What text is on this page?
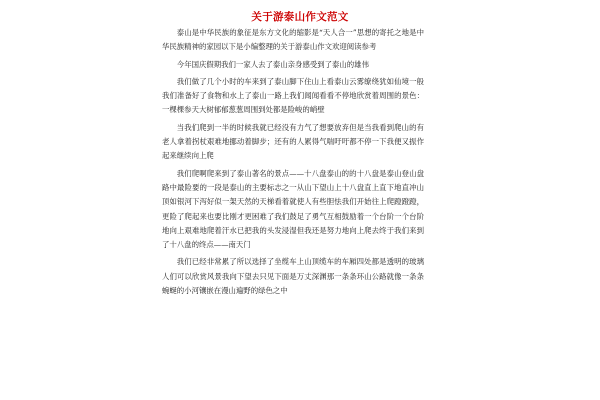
关于游泰山作文范文

泰山是中华民族的象征是东方文化的缩影是“天人合一”思想的寄托之地是中华民族精神的家园以下是小编整理的关于游泰山作文欢迎阅读参考

今年国庆假期我们一家人去了泰山亲身感受到了泰山的雄伟

我们做了几个小时的车来到了泰山脚下住山上看泰山云雾缭绕犹如仙境一般我们准备好了食物和水上了泰山一路上我们闻闻看看不停地欣赏着周围的景色：一棵棵参天大树郁郁葱葱周围到处都是险峻的峭壁

当我们爬到一半的时候我就已经没有力气了想要放弃但是当我看到爬山的有老人拿着拐杖艰难地挪动着脚步；还有的人累得气喘吁吁都不停一下我便又振作起来继续向上爬

我们爬啊爬来到了泰山著名的景点——十八盘泰山的的十八盘是泰山登山盘路中最险要的一段是泰山的主要标志之一从山下望山上十八盘直上直下地直冲山顶如银河下泻好似一架天然的天梯看着就使人有些胆怯我们开始往上爬蹬蹬蹬，更险了爬起来也要比刚才更困难了我们鼓足了勇气互相鼓励着一个台阶一个台阶地向上艰难地爬着汗水已把我的头发浸湿但我还是努力地向上爬去终于我们来到了十八盘的终点——南天门

我们已经非常累了所以选择了坐缆车上山顶缆车的车厢四处都是透明的玻璃人们可以欣赏风景我向下望去只见下面是万丈深渊那一条条环山公路就像一条条蜿蜒的小河镶嵌在漫山遍野的绿色之中
